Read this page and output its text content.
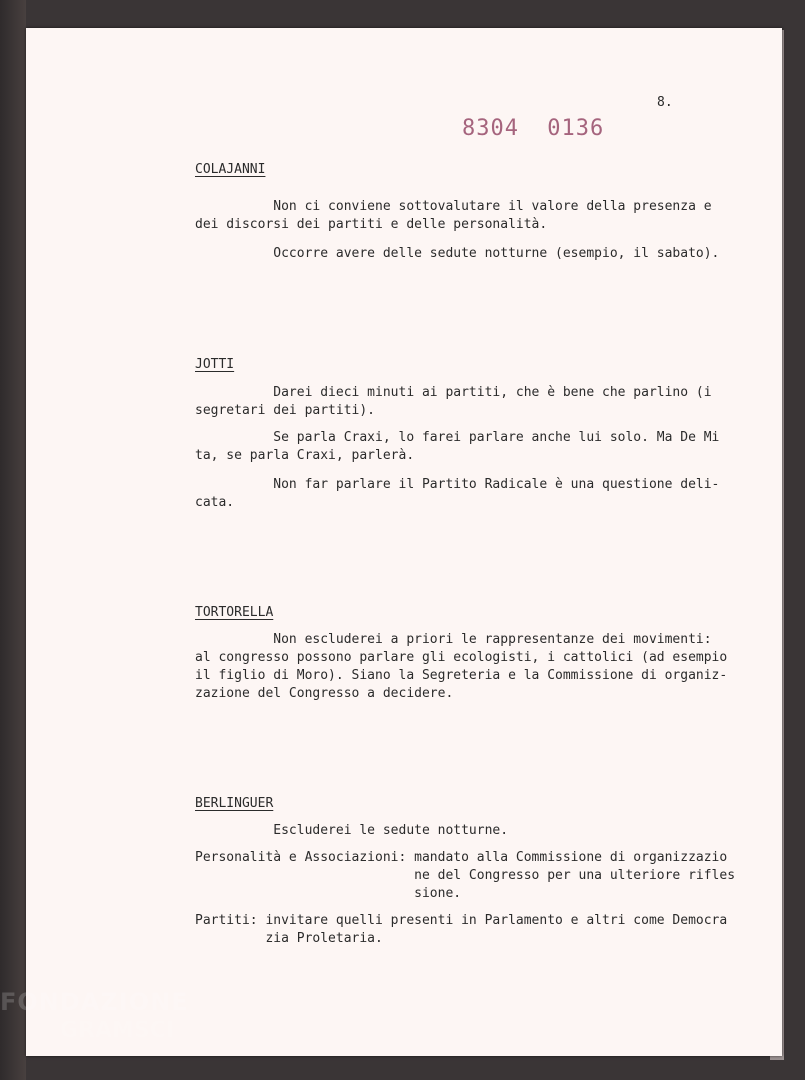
8.
8304 0136
COLAJANNI
Non ci conviene sottovalutare il valore della presenza e
dei discorsi dei partiti e delle personalità.
Occorre avere delle sedute notturne (esempio, il sabato).
JOTTI
Darei dieci minuti ai partiti, che è bene che parlino (i
segretari dei partiti).
Se parla Craxi, lo farei parlare anche lui solo. Ma De Mi
ta, se parla Craxi, parlerà.
Non far parlare il Partito Radicale è una questione deli-
cata.
TORTORELLA
Non escluderei a priori le rappresentanze dei movimenti:
al congresso possono parlare gli ecologisti, i cattolici (ad esempio
il figlio di Moro). Siano la Segreteria e la Commissione di organiz-
zazione del Congresso a decidere.
BERLINGUER
Escluderei le sedute notturne.
Personalità e Associazioni: mandato alla Commissione di organizzazio
ne del Congresso per una ulteriore rifles
sione.
Partiti: invitare quelli presenti in Parlamento e altri come Democra
zia Proletaria.
FONDAZIONE
GRAMSCI
